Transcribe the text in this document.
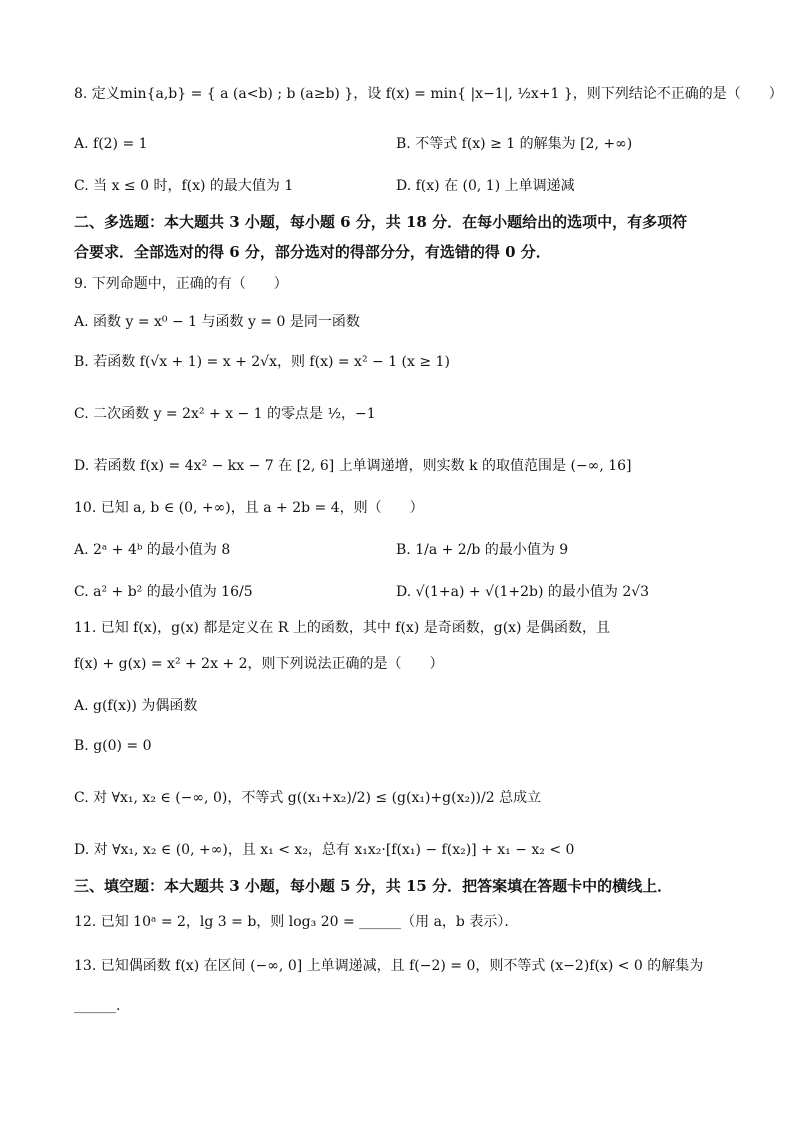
8. 定义min{a,b} = { a (a<b) ; b (a≥b) }，设 f(x) = min{ |x−1|, ½x+1 }，则下列结论不正确的是（　　）
A. f(2) = 1	B. 不等式 f(x) ≥ 1 的解集为 [2, +∞)
C. 当 x ≤ 0 时，f(x) 的最大值为 1	D. f(x) 在 (0, 1) 上单调递减
二、多选题：本大题共 3 小题，每小题 6 分，共 18 分．在每小题给出的选项中，有多项符
合要求．全部选对的得 6 分，部分选对的得部分分，有选错的得 0 分．
9. 下列命题中，正确的有（　　）
A. 函数 y = x⁰ − 1 与函数 y = 0 是同一函数
B. 若函数 f(√x + 1) = x + 2√x，则 f(x) = x² − 1 (x ≥ 1)
C. 二次函数 y = 2x² + x − 1 的零点是 ½，−1
D. 若函数 f(x) = 4x² − kx − 7 在 [2, 6] 上单调递增，则实数 k 的取值范围是 (−∞, 16]
10. 已知 a, b ∈ (0, +∞)，且 a + 2b = 4，则（　　）
A. 2ᵃ + 4ᵇ 的最小值为 8	B. 1/a + 2/b 的最小值为 9
C. a² + b² 的最小值为 16/5	D. √(1+a) + √(1+2b) 的最小值为 2√3
11. 已知 f(x)，g(x) 都是定义在 R 上的函数，其中 f(x) 是奇函数，g(x) 是偶函数，且
f(x) + g(x) = x² + 2x + 2，则下列说法正确的是（　　）
A. g(f(x)) 为偶函数
B. g(0) = 0
C. 对 ∀x₁, x₂ ∈ (−∞, 0)，不等式 g((x₁+x₂)/2) ≤ (g(x₁)+g(x₂))/2 总成立
D. 对 ∀x₁, x₂ ∈ (0, +∞)，且 x₁ < x₂，总有 x₁x₂·[f(x₁) − f(x₂)] + x₁ − x₂ < 0
三、填空题：本大题共 3 小题，每小题 5 分，共 15 分．把答案填在答题卡中的横线上．
12. 已知 10ᵃ = 2，lg 3 = b，则 log₃ 20 = ______（用 a，b 表示）．
13. 已知偶函数 f(x) 在区间 (−∞, 0] 上单调递减，且 f(−2) = 0，则不等式 (x−2)f(x) < 0 的解集为
______.
